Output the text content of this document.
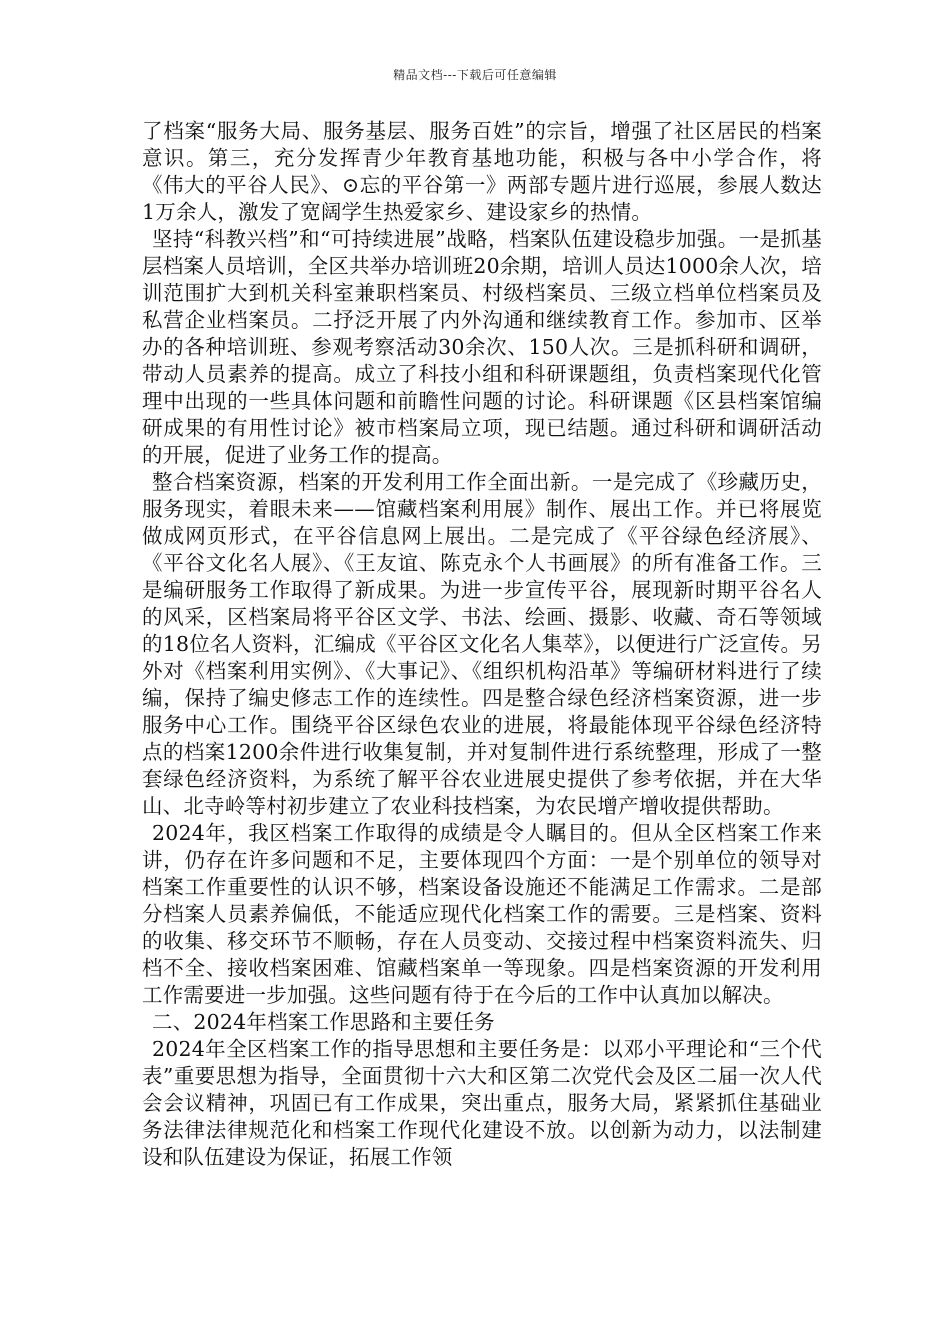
精品文档---下载后可任意编辑

了档案“服务大局、服务基层、服务百姓”的宗旨，增强了社区居民的档案意识。第三，充分发挥青少年教育基地功能，积极与各中小学合作，将《伟大的平谷人民》、⊙忘的平谷第一》两部专题片进行巡展，参展人数达1万余人，激发了宽阔学生热爱家乡、建设家乡的热情。

坚持“科教兴档”和“可持续进展”战略，档案队伍建设稳步加强。一是抓基层档案人员培训，全区共举办培训班20余期，培训人员达1000余人次，培训范围扩大到机关科室兼职档案员、村级档案员、三级立档单位档案员及私营企业档案员。二抒泛开展了内外沟通和继续教育工作。参加市、区举办的各种培训班、参观考察活动30余次、150人次。三是抓科研和调研，带动人员素养的提高。成立了科技小组和科研课题组，负责档案现代化管理中出现的一些具体问题和前瞻性问题的讨论。科研课题《区县档案馆编研成果的有用性讨论》被市档案局立项，现已结题。通过科研和调研活动的开展，促进了业务工作的提高。

整合档案资源，档案的开发利用工作全面出新。一是完成了《珍藏历史，服务现实，着眼未来——馆藏档案利用展》制作、展出工作。并已将展览做成网页形式，在平谷信息网上展出。二是完成了《平谷绿色经济展》、《平谷文化名人展》、《王友谊、陈克永个人书画展》的所有准备工作。三是编研服务工作取得了新成果。为进一步宣传平谷，展现新时期平谷名人的风采，区档案局将平谷区文学、书法、绘画、摄影、收藏、奇石等领域的18位名人资料，汇编成《平谷区文化名人集萃》，以便进行广泛宣传。另外对《档案利用实例》、《大事记》、《组织机构沿革》等编研材料进行了续编，保持了编史修志工作的连续性。四是整合绿色经济档案资源，进一步服务中心工作。围绕平谷区绿色农业的进展，将最能体现平谷绿色经济特点的档案1200余件进行收集复制，并对复制件进行系统整理，形成了一整套绿色经济资料，为系统了解平谷农业进展史提供了参考依据，并在大华山、北寺岭等村初步建立了农业科技档案，为农民增产增收提供帮助。

2024年，我区档案工作取得的成绩是令人瞩目的。但从全区档案工作来讲，仍存在许多问题和不足，主要体现四个方面：一是个别单位的领导对档案工作重要性的认识不够，档案设备设施还不能满足工作需求。二是部分档案人员素养偏低，不能适应现代化档案工作的需要。三是档案、资料的收集、移交环节不顺畅，存在人员变动、交接过程中档案资料流失、归档不全、接收档案困难、馆藏档案单一等现象。四是档案资源的开发利用工作需要进一步加强。这些问题有待于在今后的工作中认真加以解决。

二、2024年档案工作思路和主要任务

2024年全区档案工作的指导思想和主要任务是：以邓小平理论和“三个代表”重要思想为指导，全面贯彻十六大和区第二次党代会及区二届一次人代会会议精神，巩固已有工作成果，突出重点，服务大局，紧紧抓住基础业务法律法律规范化和档案工作现代化建设不放。以创新为动力，以法制建设和队伍建设为保证，拓展工作领
